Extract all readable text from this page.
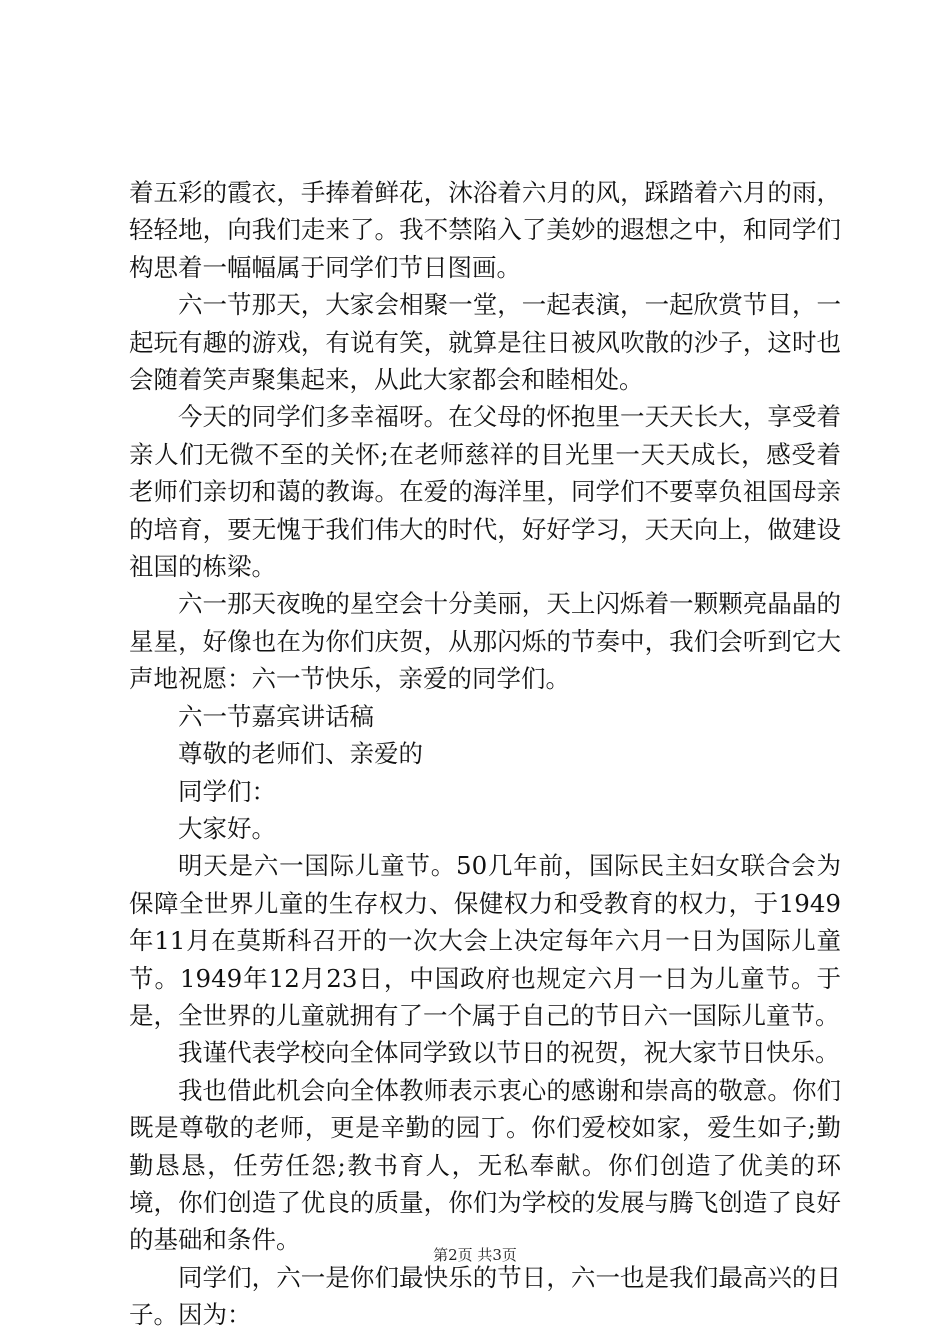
着五彩的霞衣，手捧着鲜花，沐浴着六月的风，踩踏着六月的雨，轻轻地，向我们走来了。我不禁陷入了美妙的遐想之中，和同学们构思着一幅幅属于同学们节日图画。

六一节那天，大家会相聚一堂，一起表演，一起欣赏节目，一起玩有趣的游戏，有说有笑，就算是往日被风吹散的沙子，这时也会随着笑声聚集起来，从此大家都会和睦相处。

今天的同学们多幸福呀。在父母的怀抱里一天天长大，享受着亲人们无微不至的关怀;在老师慈祥的目光里一天天成长，感受着老师们亲切和蔼的教诲。在爱的海洋里，同学们不要辜负祖国母亲的培育，要无愧于我们伟大的时代，好好学习，天天向上，做建设祖国的栋梁。

六一那天夜晚的星空会十分美丽，天上闪烁着一颗颗亮晶晶的星星，好像也在为你们庆贺，从那闪烁的节奏中，我们会听到它大声地祝愿：六一节快乐，亲爱的同学们。

六一节嘉宾讲话稿

尊敬的老师们、亲爱的

同学们：

大家好。

明天是六一国际儿童节。50几年前，国际民主妇女联合会为保障全世界儿童的生存权力、保健权力和受教育的权力，于1949年11月在莫斯科召开的一次大会上决定每年六月一日为国际儿童节。1949年12月23日，中国政府也规定六月一日为儿童节。于是，全世界的儿童就拥有了一个属于自己的节日六一国际儿童节。

我谨代表学校向全体同学致以节日的祝贺，祝大家节日快乐。

我也借此机会向全体教师表示衷心的感谢和崇高的敬意。你们既是尊敬的老师，更是辛勤的园丁。你们爱校如家，爱生如子;勤勤恳恳，任劳任怨;教书育人，无私奉献。你们创造了优美的环境，你们创造了优良的质量，你们为学校的发展与腾飞创造了良好的基础和条件。

同学们，六一是你们最快乐的节日，六一也是我们最高兴的日子。因为：

第2页 共3页
